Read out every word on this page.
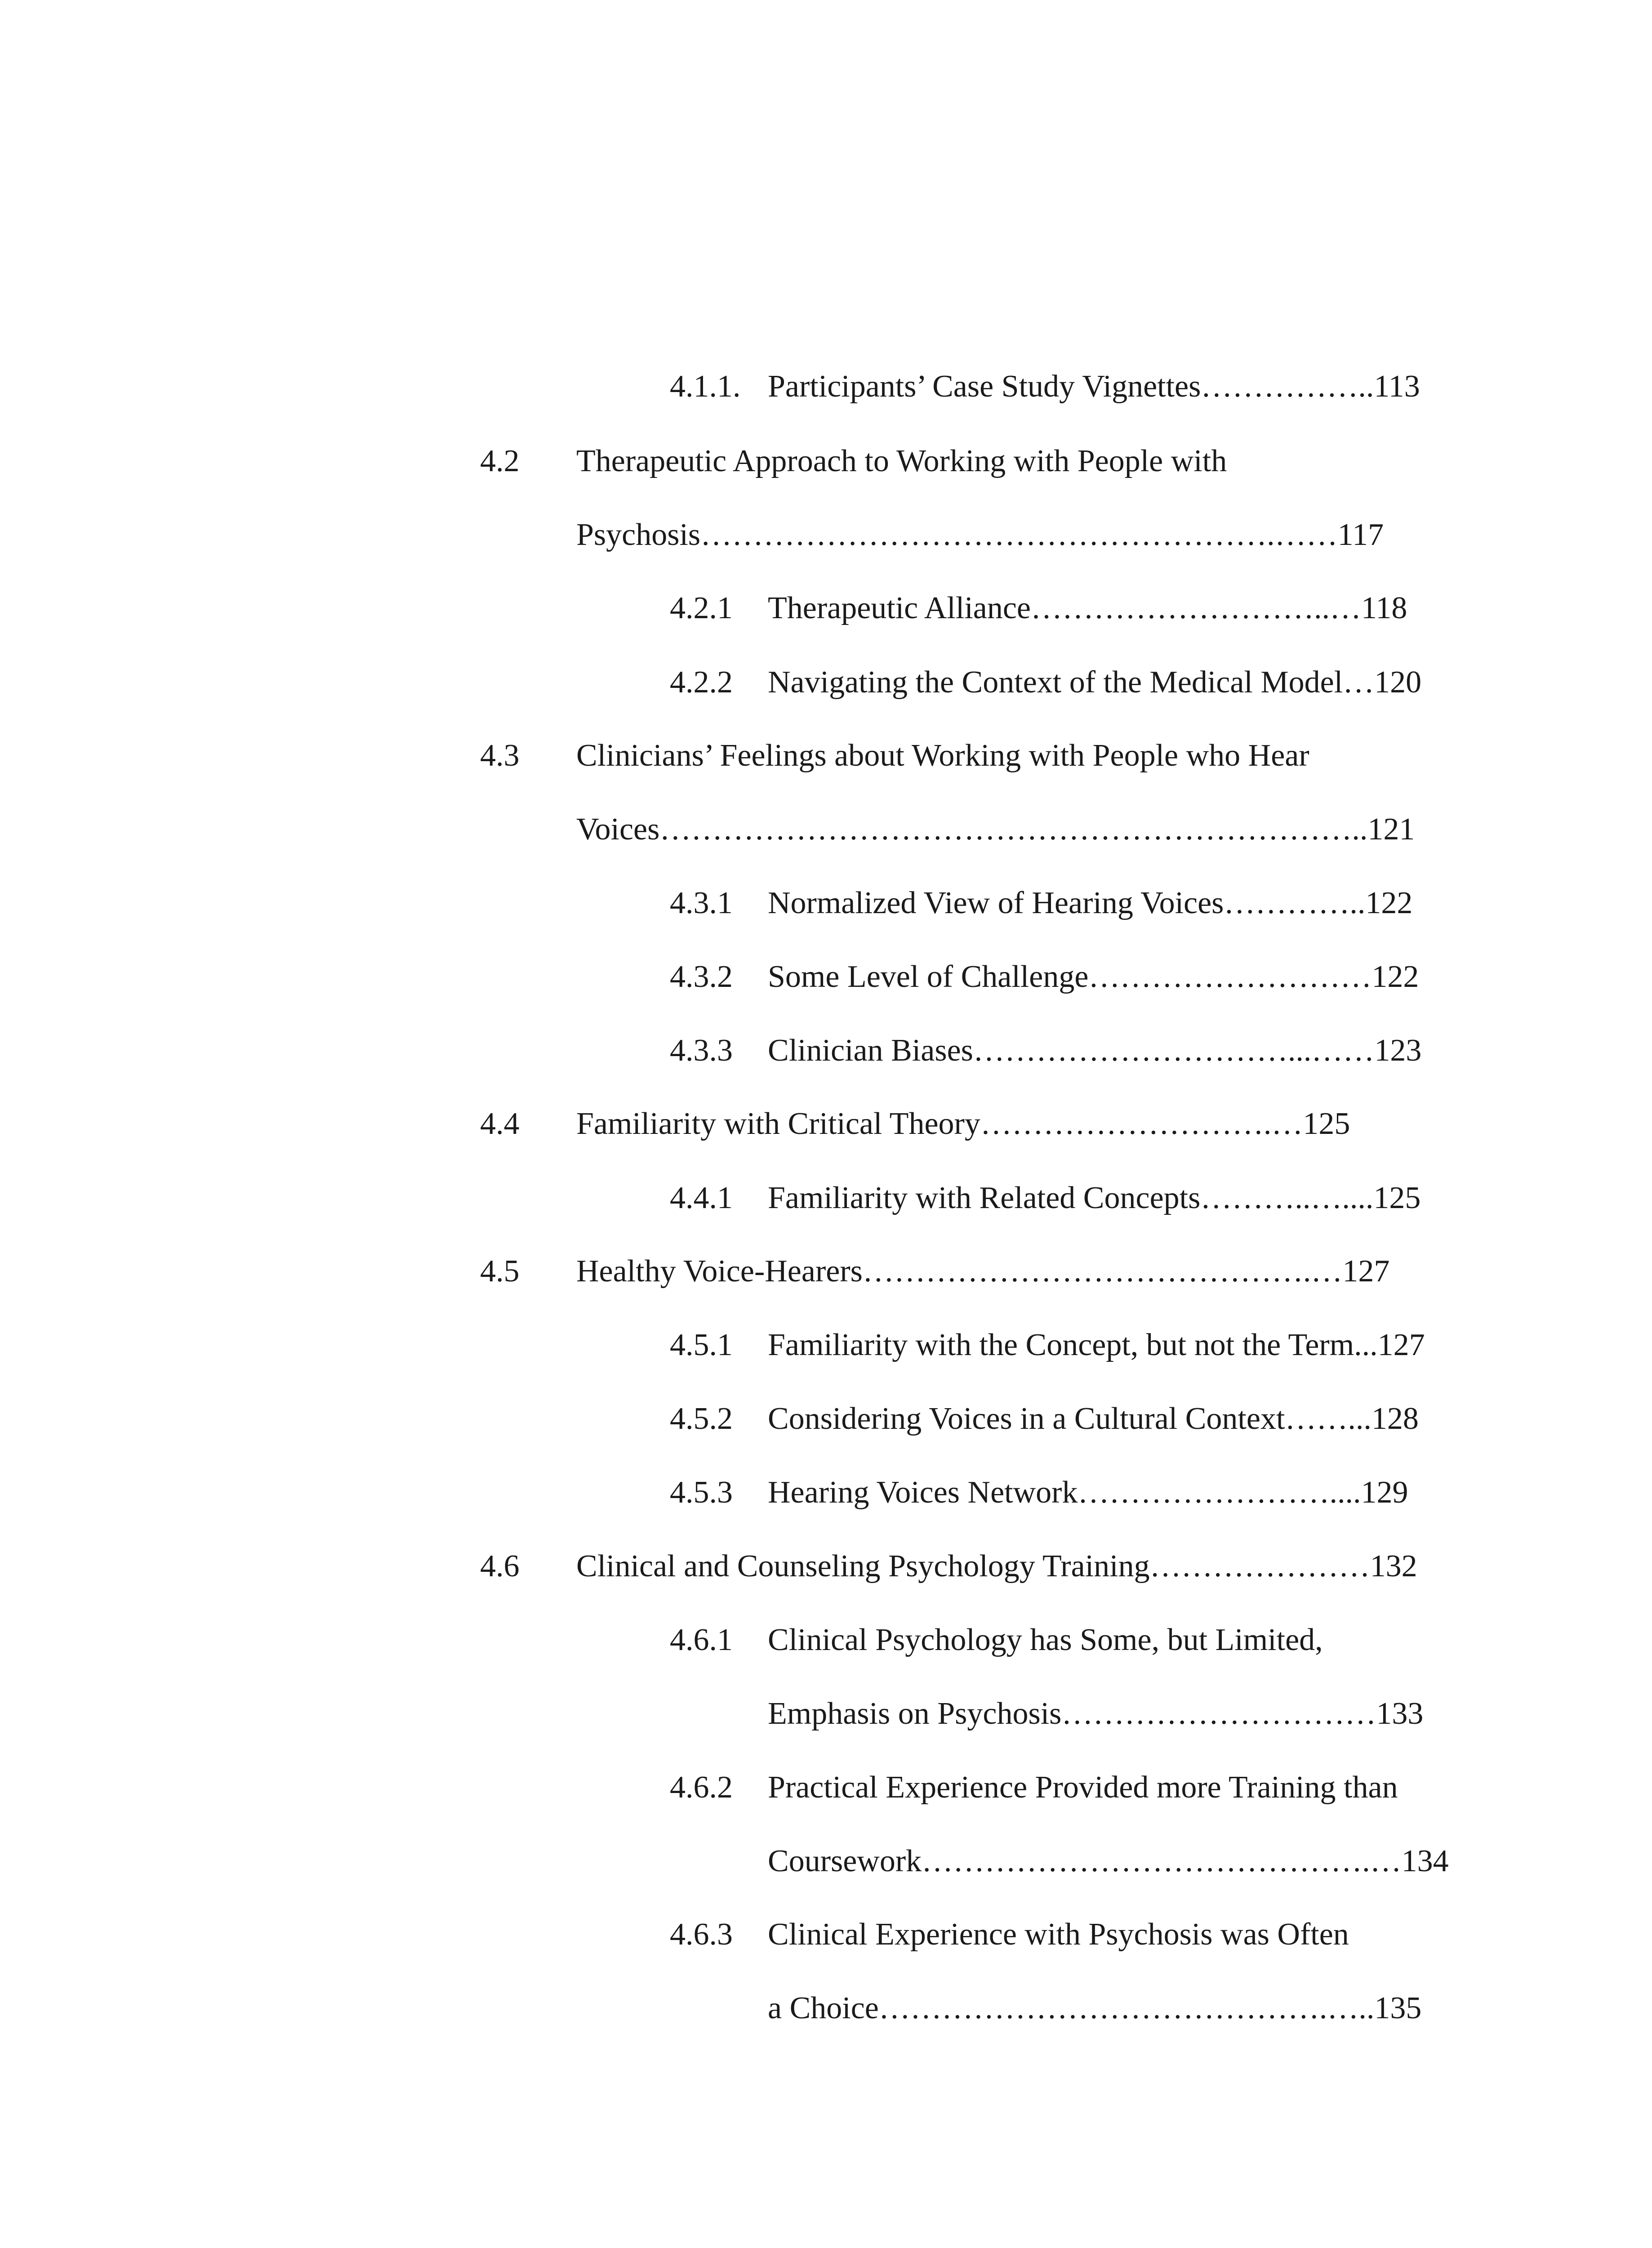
4.1.1. Participants’ Case Study Vignettes……………..113
4.2 Therapeutic Approach to Working with People with
Psychosis……………………………………………….……117
4.2.1 Therapeutic Alliance………………………..…118
4.2.2 Navigating the Context of the Medical Model…120
4.3 Clinicians’ Feelings about Working with People who Hear
Voices…………………………………………………………..121
4.3.1 Normalized View of Hearing Voices…………..122
4.3.2 Some Level of Challenge………………………122
4.3.3 Clinician Biases…………………………...……123
4.4 Familiarity with Critical Theory……………………….…125
4.4.1 Familiarity with Related Concepts………..…....125
4.5 Healthy Voice-Hearers…………………………………….…127
4.5.1 Familiarity with the Concept, but not the Term...127
4.5.2 Considering Voices in a Cultural Context……...128
4.5.3 Hearing Voices Network……………………....129
4.6 Clinical and Counseling Psychology Training…………………132
4.6.1 Clinical Psychology has Some, but Limited,
Emphasis on Psychosis…………………………133
4.6.2 Practical Experience Provided more Training than
Coursework…………………………………….…134
4.6.3 Clinical Experience with Psychosis was Often
a Choice…………………………………….…..135
